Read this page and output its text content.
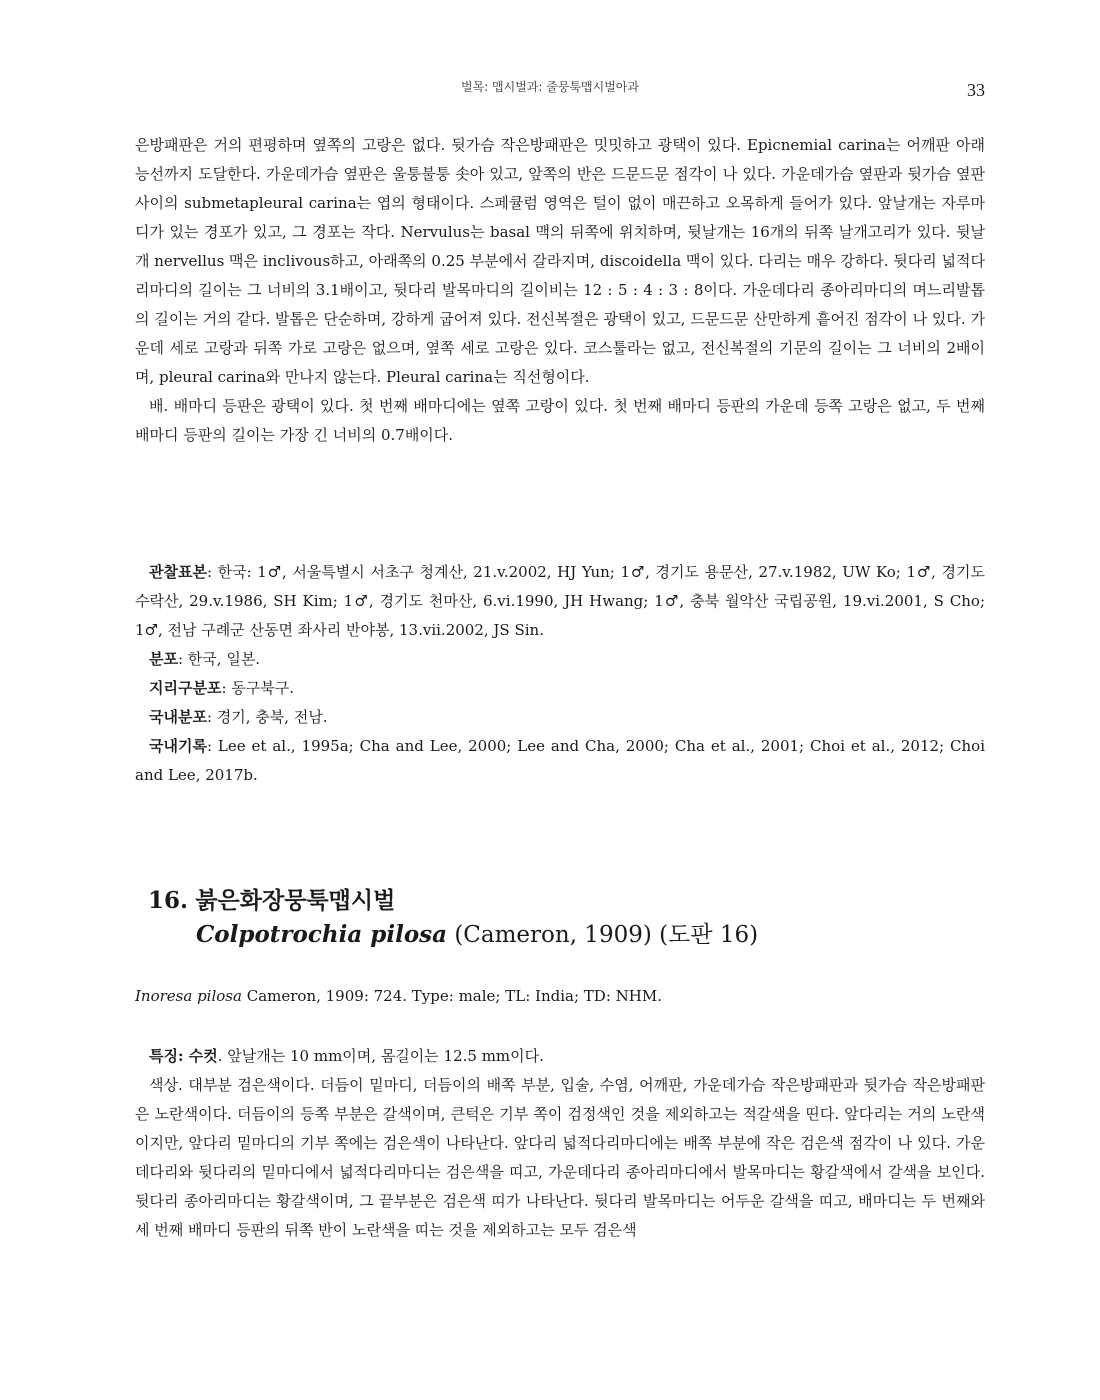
벌목: 맵시벌과: 줄뭉툭맵시벌아과	33

은방패판은 거의 편평하며 옆쪽의 고랑은 없다. 뒷가슴 작은방패판은 밋밋하고 광택이 있다. Epicnemial carina는 어깨판 아래 능선까지 도달한다. 가운데가슴 옆판은 울퉁불퉁 솟아 있고, 앞쪽의 반은 드문드문 점각이 나 있다. 가운데가슴 옆판과 뒷가슴 옆판 사이의 submetapleural carina는 엽의 형태이다. 스페큘럼 영역은 털이 없이 매끈하고 오목하게 들어가 있다. 앞날개는 자루마디가 있는 경포가 있고, 그 경포는 작다. Nervulus는 basal 맥의 뒤쪽에 위치하며, 뒷날개는 16개의 뒤쪽 날개고리가 있다. 뒷날개 nervellus 맥은 inclivous하고, 아래쪽의 0.25 부분에서 갈라지며, discoidella 맥이 있다. 다리는 매우 강하다. 뒷다리 넓적다리마디의 길이는 그 너비의 3.1배이고, 뒷다리 발목마디의 길이비는 12 : 5 : 4 : 3 : 8이다. 가운데다리 종아리마디의 며느리발톱의 길이는 거의 같다. 발톱은 단순하며, 강하게 굽어져 있다. 전신복절은 광택이 있고, 드문드문 산만하게 흩어진 점각이 나 있다. 가운데 세로 고랑과 뒤쪽 가로 고랑은 없으며, 옆쪽 세로 고랑은 있다. 코스툴라는 없고, 전신복절의 기문의 길이는 그 너비의 2배이며, pleural carina와 만나지 않는다. Pleural carina는 직선형이다.

배. 배마디 등판은 광택이 있다. 첫 번째 배마디에는 옆쪽 고랑이 있다. 첫 번째 배마디 등판의 가운데 등쪽 고랑은 없고, 두 번째 배마디 등판의 길이는 가장 긴 너비의 0.7배이다.

관찰표본: 한국: 1♂, 서울특별시 서초구 청계산, 21.v.2002, HJ Yun; 1♂, 경기도 용문산, 27.v.1982, UW Ko; 1♂, 경기도 수락산, 29.v.1986, SH Kim; 1♂, 경기도 천마산, 6.vi.1990, JH Hwang; 1♂, 충북 월악산 국립공원, 19.vi.2001, S Cho; 1♂, 전남 구례군 산동면 좌사리 반야봉, 13.vii.2002, JS Sin.

분포: 한국, 일본.

지리구분포: 동구북구.

국내분포: 경기, 충북, 전남.

국내기록: Lee et al., 1995a; Cha and Lee, 2000; Lee and Cha, 2000; Cha et al., 2001; Choi et al., 2012; Choi and Lee, 2017b.

16. 붉은화장뭉툭맵시벌
Colpotrochia pilosa (Cameron, 1909) (도판 16)

Inoresa pilosa Cameron, 1909: 724. Type: male; TL: India; TD: NHM.

특징: 수컷. 앞날개는 10 mm이며, 몸길이는 12.5 mm이다.

색상. 대부분 검은색이다. 더듬이 밑마디, 더듬이의 배쪽 부분, 입술, 수염, 어깨판, 가운데가슴 작은방패판과 뒷가슴 작은방패판은 노란색이다. 더듬이의 등쪽 부분은 갈색이며, 큰턱은 기부 쪽이 검정색인 것을 제외하고는 적갈색을 띤다. 앞다리는 거의 노란색이지만, 앞다리 밑마디의 기부 쪽에는 검은색이 나타난다. 앞다리 넓적다리마디에는 배쪽 부분에 작은 검은색 점각이 나 있다. 가운데다리와 뒷다리의 밑마디에서 넓적다리마디는 검은색을 띠고, 가운데다리 종아리마디에서 발목마디는 황갈색에서 갈색을 보인다. 뒷다리 종아리마디는 황갈색이며, 그 끝부분은 검은색 띠가 나타난다. 뒷다리 발목마디는 어두운 갈색을 띠고, 배마디는 두 번째와 세 번째 배마디 등판의 뒤쪽 반이 노란색을 띠는 것을 제외하고는 모두 검은색
